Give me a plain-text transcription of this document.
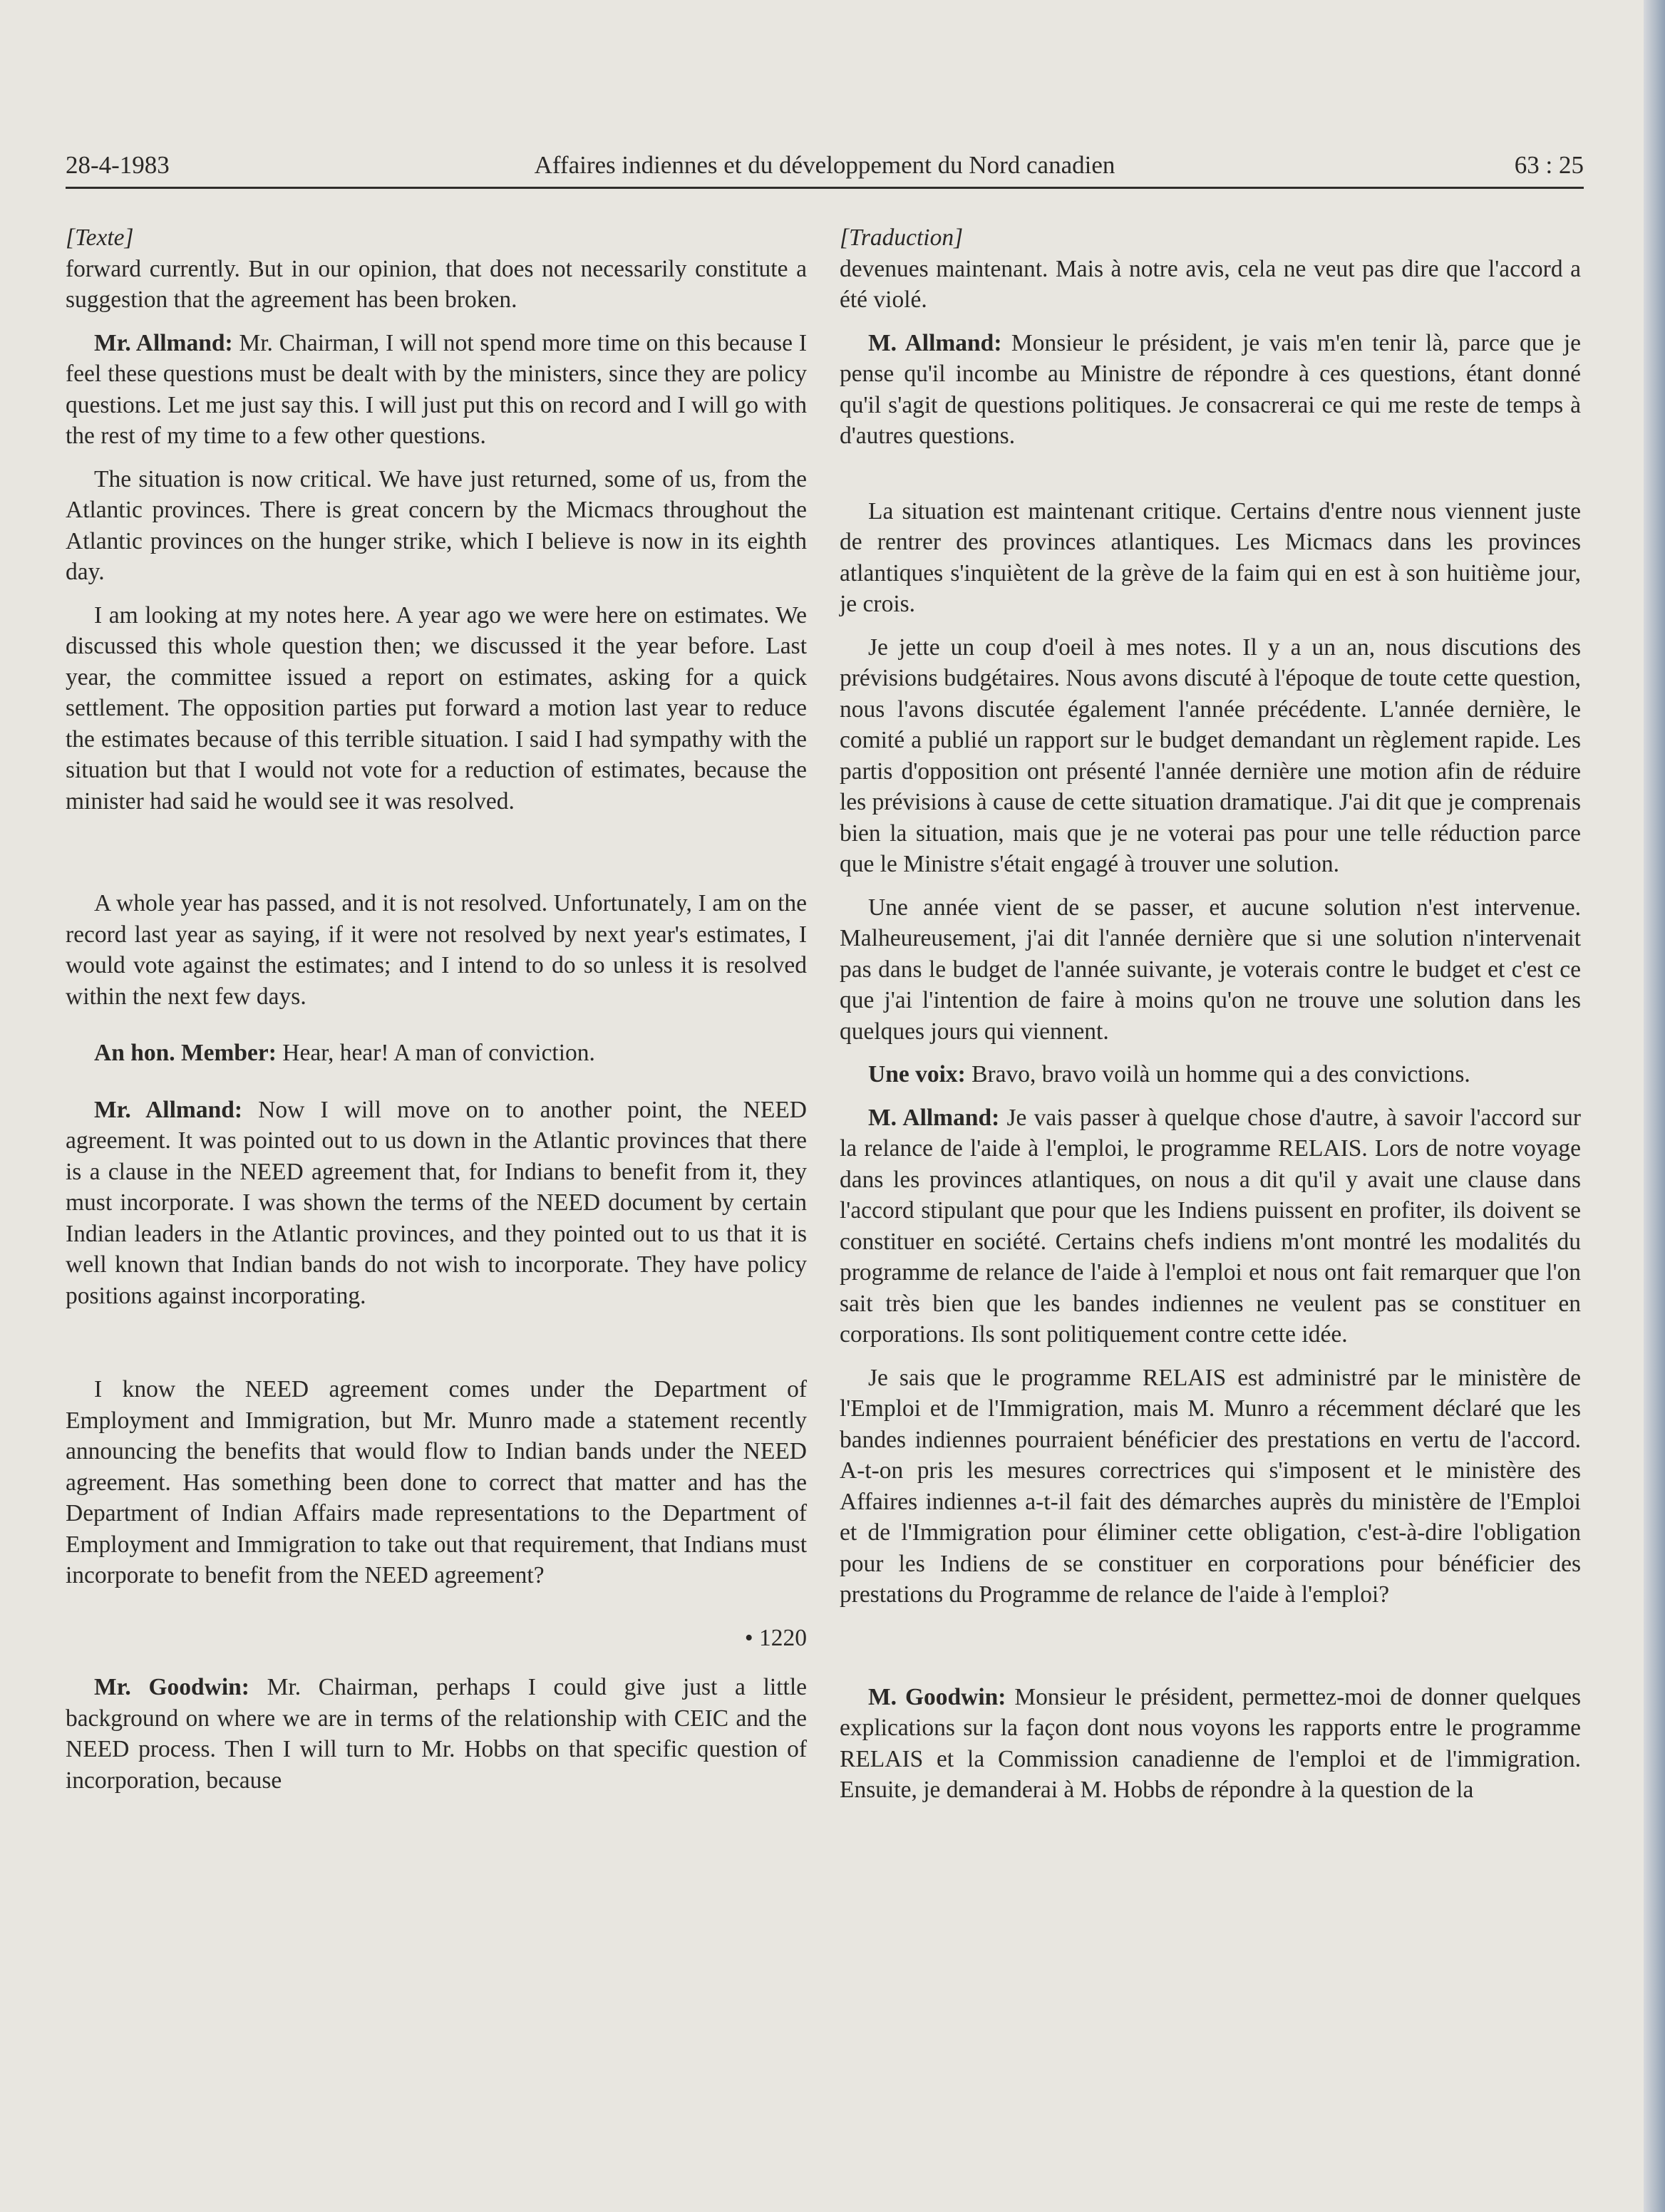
28-4-1983	Affaires indiennes et du développement du Nord canadien	63 : 25

[Texte]

forward currently. But in our opinion, that does not necessarily constitute a suggestion that the agreement has been broken.

Mr. Allmand: Mr. Chairman, I will not spend more time on this because I feel these questions must be dealt with by the ministers, since they are policy questions. Let me just say this. I will just put this on record and I will go with the rest of my time to a few other questions.

The situation is now critical. We have just returned, some of us, from the Atlantic provinces. There is great concern by the Micmacs throughout the Atlantic provinces on the hunger strike, which I believe is now in its eighth day.

I am looking at my notes here. A year ago we were here on estimates. We discussed this whole question then; we discussed it the year before. Last year, the committee issued a report on estimates, asking for a quick settlement. The opposition parties put forward a motion last year to reduce the estimates because of this terrible situation. I said I had sympathy with the situation but that I would not vote for a reduction of estimates, because the minister had said he would see it was resolved.

A whole year has passed, and it is not resolved. Unfortunately, I am on the record last year as saying, if it were not resolved by next year's estimates, I would vote against the estimates; and I intend to do so unless it is resolved within the next few days.

An hon. Member: Hear, hear! A man of conviction.

Mr. Allmand: Now I will move on to another point, the NEED agreement. It was pointed out to us down in the Atlantic provinces that there is a clause in the NEED agreement that, for Indians to benefit from it, they must incorporate. I was shown the terms of the NEED document by certain Indian leaders in the Atlantic provinces, and they pointed out to us that it is well known that Indian bands do not wish to incorporate. They have policy positions against incorporating.

I know the NEED agreement comes under the Department of Employment and Immigration, but Mr. Munro made a statement recently announcing the benefits that would flow to Indian bands under the NEED agreement. Has something been done to correct that matter and has the Department of Indian Affairs made representations to the Department of Employment and Immigration to take out that requirement, that Indians must incorporate to benefit from the NEED agreement?

• 1220

Mr. Goodwin: Mr. Chairman, perhaps I could give just a little background on where we are in terms of the relationship with CEIC and the NEED process. Then I will turn to Mr. Hobbs on that specific question of incorporation, because

[Traduction]

devenues maintenant. Mais à notre avis, cela ne veut pas dire que l'accord a été violé.

M. Allmand: Monsieur le président, je vais m'en tenir là, parce que je pense qu'il incombe au Ministre de répondre à ces questions, étant donné qu'il s'agit de questions politiques. Je consacrerai ce qui me reste de temps à d'autres questions.

La situation est maintenant critique. Certains d'entre nous viennent juste de rentrer des provinces atlantiques. Les Micmacs dans les provinces atlantiques s'inquiètent de la grève de la faim qui en est à son huitième jour, je crois.

Je jette un coup d'oeil à mes notes. Il y a un an, nous discutions des prévisions budgétaires. Nous avons discuté à l'époque de toute cette question, nous l'avons discutée également l'année précédente. L'année dernière, le comité a publié un rapport sur le budget demandant un règlement rapide. Les partis d'opposition ont présenté l'année dernière une motion afin de réduire les prévisions à cause de cette situation dramatique. J'ai dit que je comprenais bien la situation, mais que je ne voterai pas pour une telle réduction parce que le Ministre s'était engagé à trouver une solution.

Une année vient de se passer, et aucune solution n'est intervenue. Malheureusement, j'ai dit l'année dernière que si une solution n'intervenait pas dans le budget de l'année suivante, je voterais contre le budget et c'est ce que j'ai l'intention de faire à moins qu'on ne trouve une solution dans les quelques jours qui viennent.

Une voix: Bravo, bravo voilà un homme qui a des convictions.

M. Allmand: Je vais passer à quelque chose d'autre, à savoir l'accord sur la relance de l'aide à l'emploi, le programme RELAIS. Lors de notre voyage dans les provinces atlantiques, on nous a dit qu'il y avait une clause dans l'accord stipulant que pour que les Indiens puissent en profiter, ils doivent se constituer en société. Certains chefs indiens m'ont montré les modalités du programme de relance de l'aide à l'emploi et nous ont fait remarquer que l'on sait très bien que les bandes indiennes ne veulent pas se constituer en corporations. Ils sont politiquement contre cette idée.

Je sais que le programme RELAIS est administré par le ministère de l'Emploi et de l'Immigration, mais M. Munro a récemment déclaré que les bandes indiennes pourraient bénéficier des prestations en vertu de l'accord. A-t-on pris les mesures correctrices qui s'imposent et le ministère des Affaires indiennes a-t-il fait des démarches auprès du ministère de l'Emploi et de l'Immigration pour éliminer cette obligation, c'est-à-dire l'obligation pour les Indiens de se constituer en corporations pour bénéficier des prestations du Programme de relance de l'aide à l'emploi?

M. Goodwin: Monsieur le président, permettez-moi de donner quelques explications sur la façon dont nous voyons les rapports entre le programme RELAIS et la Commission canadienne de l'emploi et de l'immigration. Ensuite, je demanderai à M. Hobbs de répondre à la question de la
